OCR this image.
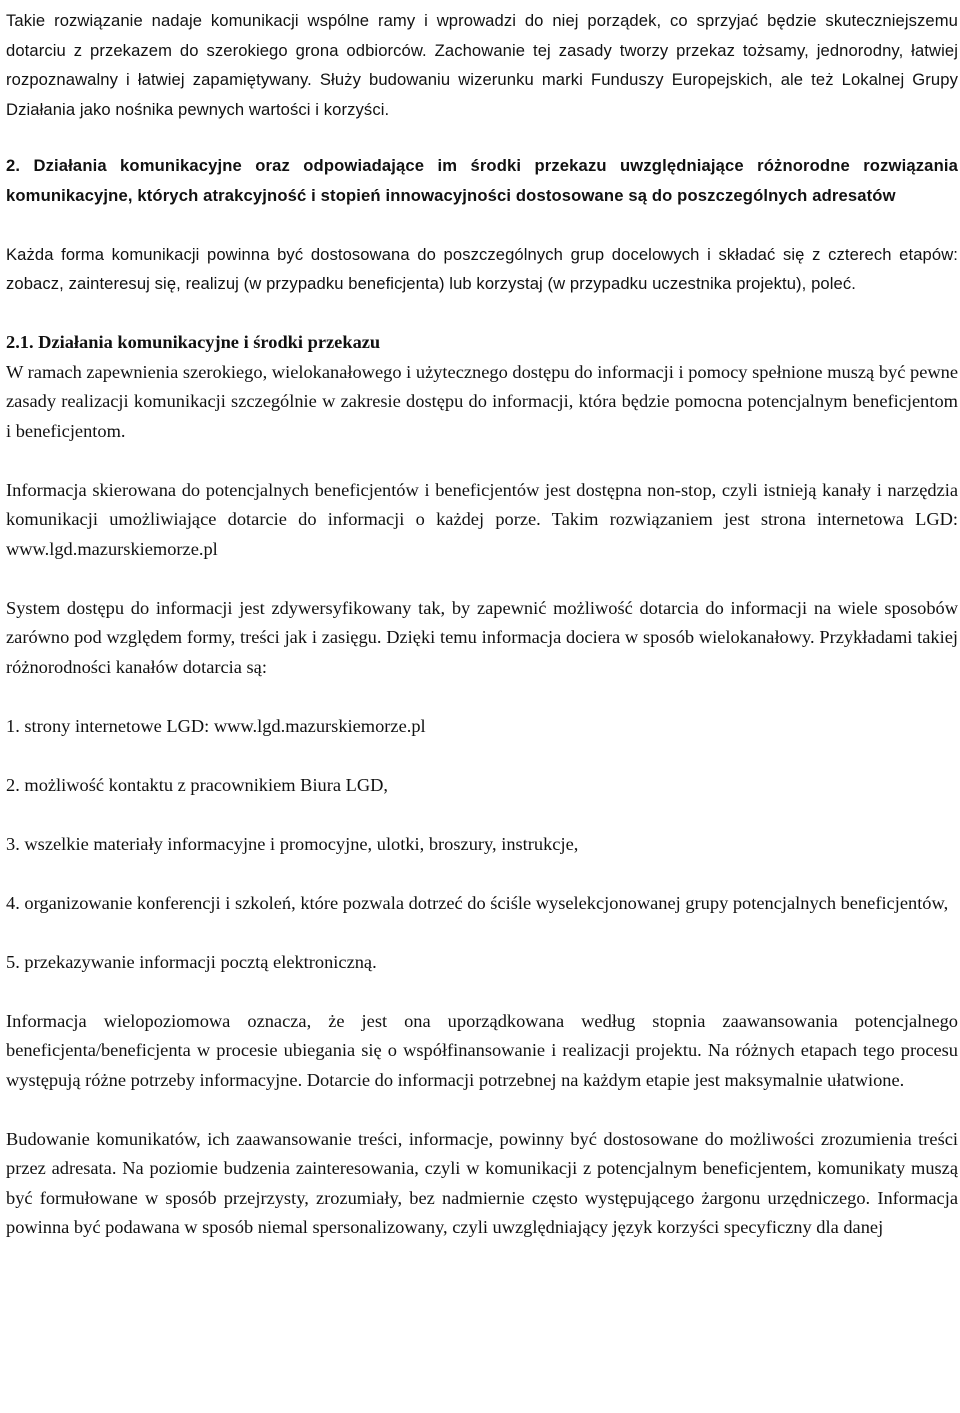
Takie rozwiązanie nadaje komunikacji wspólne ramy i wprowadzi do niej porządek, co sprzyjać będzie skuteczniejszemu dotarciu z przekazem do szerokiego grona odbiorców. Zachowanie tej zasady tworzy przekaz tożsamy, jednorodny, łatwiej rozpoznawalny i łatwiej zapamiętywany. Służy budowaniu wizerunku marki Funduszy Europejskich, ale też Lokalnej Grupy Działania jako nośnika pewnych wartości i korzyści.

2. Działania komunikacyjne oraz odpowiadające im środki przekazu uwzględniające różnorodne rozwiązania komunikacyjne, których atrakcyjność i stopień innowacyjności dostosowane są do poszczególnych adresatów

Każda forma komunikacji powinna być dostosowana do poszczególnych grup docelowych i składać się z czterech etapów: zobacz, zainteresuj się, realizuj (w przypadku beneficjenta) lub korzystaj (w przypadku uczestnika projektu), poleć.

2.1. Działania komunikacyjne i środki przekazu
W ramach zapewnienia szerokiego, wielokanałowego i użytecznego dostępu do informacji i pomocy spełnione muszą być pewne zasady realizacji komunikacji szczególnie w zakresie dostępu do informacji, która będzie pomocna potencjalnym beneficjentom i beneficjentom.

Informacja skierowana do potencjalnych beneficjentów i beneficjentów jest dostępna non-stop, czyli istnieją kanały i narzędzia komunikacji umożliwiające dotarcie do informacji o każdej porze. Takim rozwiązaniem jest strona internetowa LGD: www.lgd.mazurskiemorze.pl

System dostępu do informacji jest zdywersyfikowany tak, by zapewnić możliwość dotarcia do informacji na wiele sposobów zarówno pod względem formy, treści jak i zasięgu. Dzięki temu informacja dociera w sposób wielokanałowy. Przykładami takiej różnorodności kanałów dotarcia są:

1. strony internetowe LGD: www.lgd.mazurskiemorze.pl

2. możliwość kontaktu z pracownikiem Biura LGD,

3. wszelkie materiały informacyjne i promocyjne, ulotki, broszury, instrukcje,

4. organizowanie konferencji i szkoleń, które pozwala dotrzeć do ściśle wyselekcjonowanej grupy potencjalnych beneficjentów,

5. przekazywanie informacji pocztą elektroniczną.

Informacja wielopoziomowa oznacza, że jest ona uporządkowana według stopnia zaawansowania potencjalnego beneficjenta/beneficjenta w procesie ubiegania się o współfinansowanie i realizacji projektu. Na różnych etapach tego procesu występują różne potrzeby informacyjne. Dotarcie do informacji potrzebnej na każdym etapie jest maksymalnie ułatwione.

Budowanie komunikatów, ich zaawansowanie treści, informacje, powinny być dostosowane do możliwości zrozumienia treści przez adresata. Na poziomie budzenia zainteresowania, czyli w komunikacji z potencjalnym beneficjentem, komunikaty muszą być formułowane w sposób przejrzysty, zrozumiały, bez nadmiernie często występującego żargonu urzędniczego. Informacja powinna być podawana w sposób niemal spersonalizowany, czyli uwzględniający język korzyści specyficzny dla danej
